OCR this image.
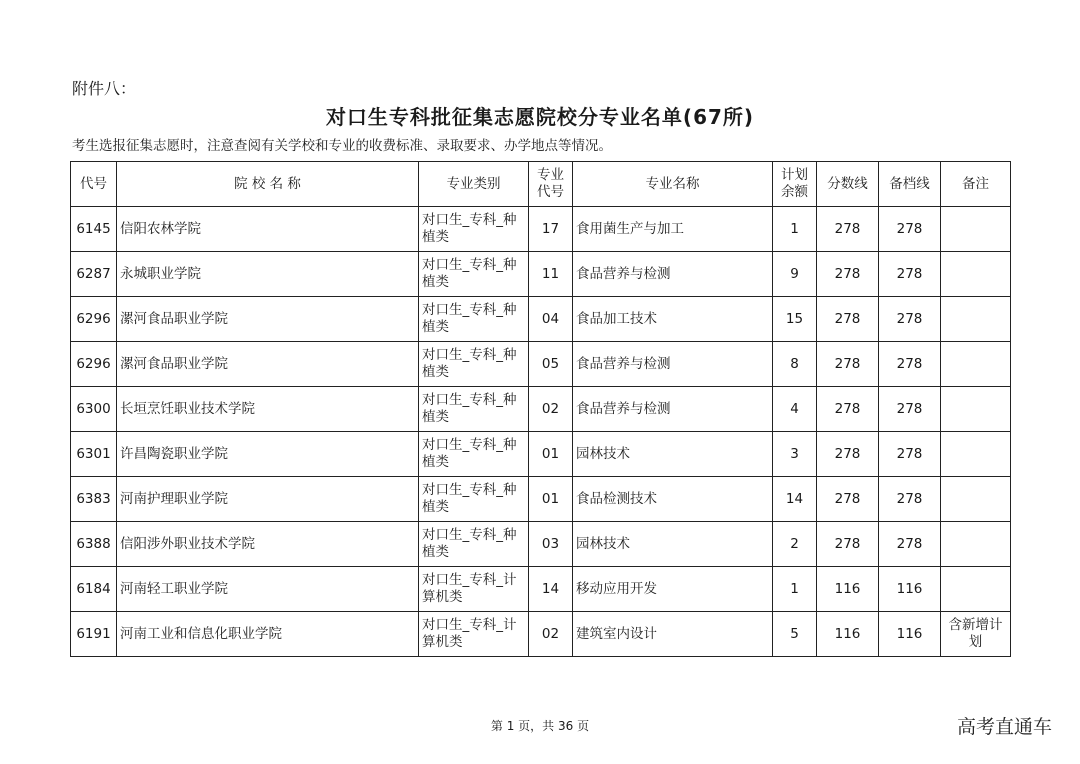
附件八：
对口生专科批征集志愿院校分专业名单(67所)
考生选报征集志愿时，注意查阅有关学校和专业的收费标准、录取要求、办学地点等情况。
代号	院 校 名 称	专业类别	专业代号	专业名称	计划余额	分数线	备档线	备注
6145	信阳农林学院	对口生_专科_种植类	17	食用菌生产与加工	1	278	278	
6287	永城职业学院	对口生_专科_种植类	11	食品营养与检测	9	278	278	
6296	漯河食品职业学院	对口生_专科_种植类	04	食品加工技术	15	278	278	
6296	漯河食品职业学院	对口生_专科_种植类	05	食品营养与检测	8	278	278	
6300	长垣烹饪职业技术学院	对口生_专科_种植类	02	食品营养与检测	4	278	278	
6301	许昌陶瓷职业学院	对口生_专科_种植类	01	园林技术	3	278	278	
6383	河南护理职业学院	对口生_专科_种植类	01	食品检测技术	14	278	278	
6388	信阳涉外职业技术学院	对口生_专科_种植类	03	园林技术	2	278	278	
6184	河南轻工职业学院	对口生_专科_计算机类	14	移动应用开发	1	116	116	
6191	河南工业和信息化职业学院	对口生_专科_计算机类	02	建筑室内设计	5	116	116	含新增计划
第 1 页，共 36 页	高考直通车
